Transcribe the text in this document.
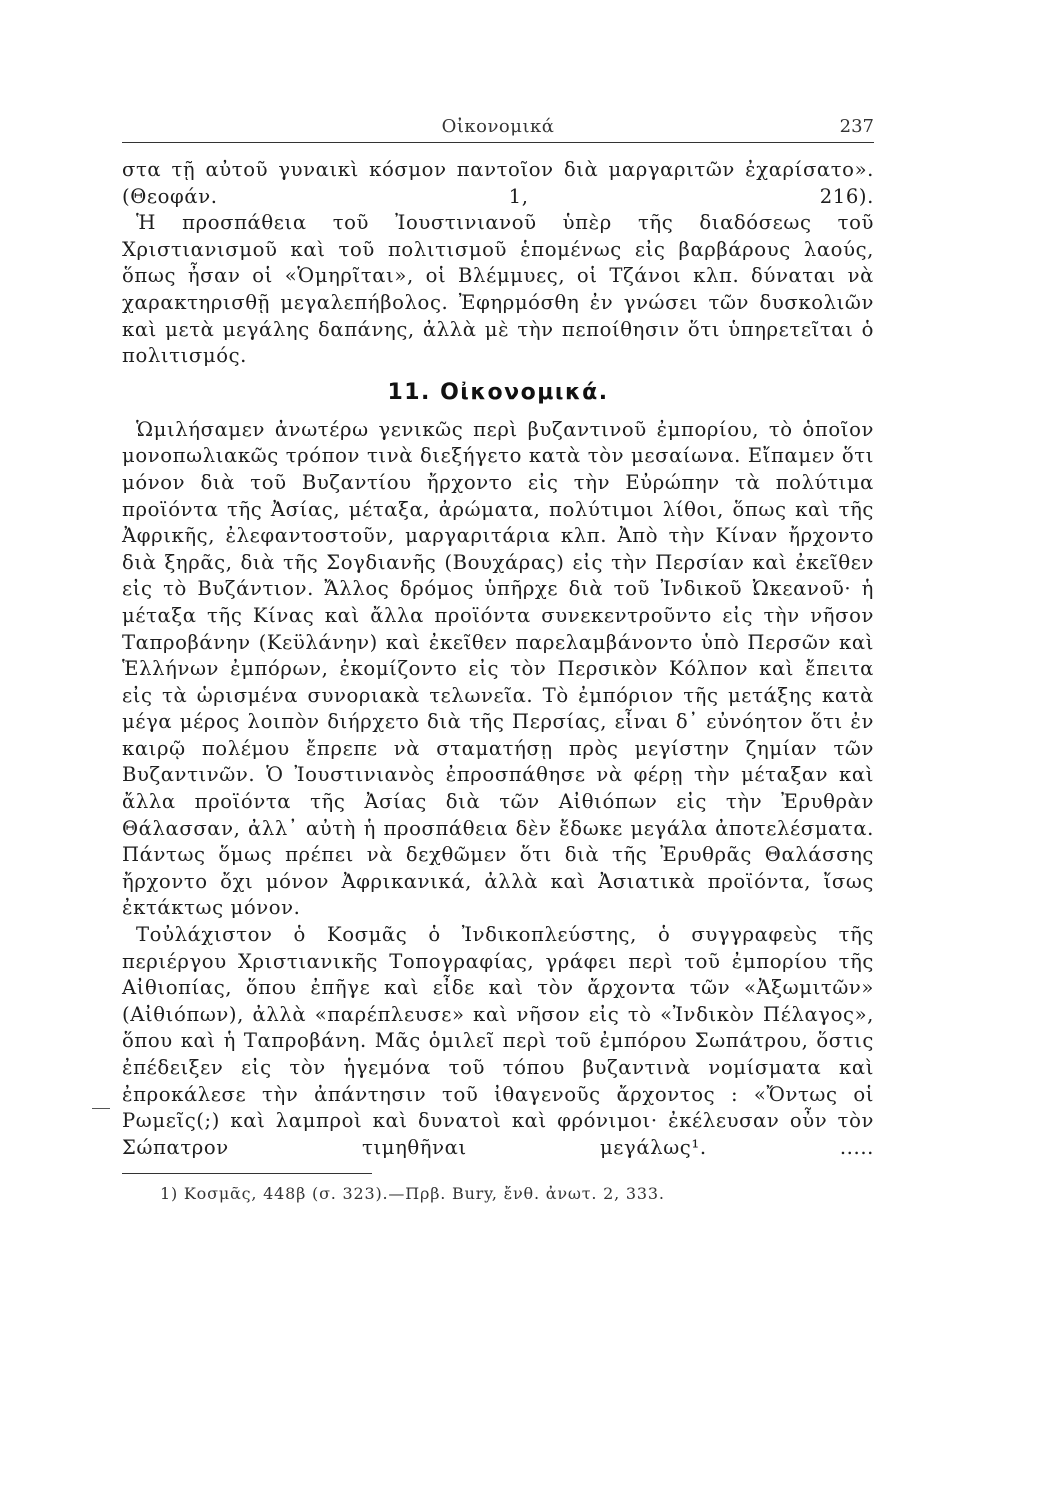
Οἰκονομικά	237

στα τῇ αὐτοῦ γυναικὶ κόσμον παντοῖον διὰ μαργαριτῶν ἐχαρίσατο». (Θεοφάν. 1, 216).

Ἡ προσπάθεια τοῦ Ἰουστινιανοῦ ὑπὲρ τῆς διαδόσεως τοῦ Χριστιανισμοῦ καὶ τοῦ πολιτισμοῦ ἑπομένως εἰς βαρβάρους λαούς, ὅπως ἦσαν οἱ «Ὁμηρῖται», οἱ Βλέμμυες, οἱ Τζάνοι κλπ. δύναται νὰ χαρακτηρισθῇ μεγαλεπήβολος. Ἐφηρμόσθη ἐν γνώσει τῶν δυσκολιῶν καὶ μετὰ μεγάλης δαπάνης, ἀλλὰ μὲ τὴν πεποίθησιν ὅτι ὑπηρετεῖται ὁ πολιτισμός.

11. Οἰκονομικά.

Ὡμιλήσαμεν ἀνωτέρω γενικῶς περὶ βυζαντινοῦ ἐμπορίου, τὸ ὁποῖον μονοπωλιακῶς τρόπον τινὰ διεξήγετο κατὰ τὸν μεσαίωνα. Εἴπαμεν ὅτι μόνον διὰ τοῦ Βυζαντίου ἤρχοντο εἰς τὴν Εὐρώπην τὰ πολύτιμα προϊόντα τῆς Ἀσίας, μέταξα, ἀρώματα, πολύτιμοι λίθοι, ὅπως καὶ τῆς Ἀφρικῆς, ἐλεφαντοστοῦν, μαργαριτάρια κλπ. Ἀπὸ τὴν Κίναν ἤρχοντο διὰ ξηρᾶς, διὰ τῆς Σογδιανῆς (Βουχάρας) εἰς τὴν Περσίαν καὶ ἐκεῖθεν εἰς τὸ Βυζάντιον. Ἄλλος δρόμος ὑπῆρχε διὰ τοῦ Ἰνδικοῦ Ὠκεανοῦ· ἡ μέταξα τῆς Κίνας καὶ ἄλλα προϊόντα συνεκεντροῦντο εἰς τὴν νῆσον Ταπροβάνην (Κεϋλάνην) καὶ ἐκεῖθεν παρελαμβάνοντο ὑπὸ Περσῶν καὶ Ἑλλήνων ἐμπόρων, ἐκομίζοντο εἰς τὸν Περσικὸν Κόλπον καὶ ἔπειτα εἰς τὰ ὡρισμένα συνοριακὰ τελωνεῖα. Τὸ ἐμπόριον τῆς μετάξης κατὰ μέγα μέρος λοιπὸν διήρχετο διὰ τῆς Περσίας, εἶναι δ᾽ εὐνόητον ὅτι ἐν καιρῷ πολέμου ἔπρεπε νὰ σταματήσῃ πρὸς μεγίστην ζημίαν τῶν Βυζαντινῶν. Ὁ Ἰουστινιανὸς ἐπροσπάθησε νὰ φέρῃ τὴν μέταξαν καὶ ἄλλα προϊόντα τῆς Ἀσίας διὰ τῶν Αἰθιόπων εἰς τὴν Ἐρυθρὰν Θάλασσαν, ἀλλ᾽ αὐτὴ ἡ προσπάθεια δὲν ἔδωκε μεγάλα ἀποτελέσματα. Πάντως ὅμως πρέπει νὰ δεχθῶμεν ὅτι διὰ τῆς Ἐρυθρᾶς Θαλάσσης ἤρχοντο ὄχι μόνον Ἀφρικανικά, ἀλλὰ καὶ Ἀσιατικὰ προϊόντα, ἴσως ἐκτάκτως μόνον.

Τοὐλάχιστον ὁ Κοσμᾶς ὁ Ἰνδικοπλεύστης, ὁ συγγραφεὺς τῆς περιέργου Χριστιανικῆς Τοπογραφίας, γράφει περὶ τοῦ ἐμπορίου τῆς Αἰθιοπίας, ὅπου ἐπῆγε καὶ εἶδε καὶ τὸν ἄρχοντα τῶν «Ἀξωμιτῶν» (Αἰθιόπων), ἀλλὰ «παρέπλευσε» καὶ νῆσον εἰς τὸ «Ἰνδικὸν Πέλαγος», ὅπου καὶ ἡ Ταπροβάνη. Μᾶς ὁμιλεῖ περὶ τοῦ ἐμπόρου Σωπάτρου, ὅστις ἐπέδειξεν εἰς τὸν ἡγεμόνα τοῦ τόπου βυζαντινὰ νομίσματα καὶ ἐπροκάλεσε τὴν ἀπάντησιν τοῦ ἰθαγενοῦς ἄρχοντος : «Ὄντως οἱ Ρωμεῖς(;) καὶ λαμπροὶ καὶ δυνατοὶ καὶ φρόνιμοι· ἐκέλευσαν οὖν τὸν Σώπατρον τιμηθῆναι μεγάλως¹. .....

1) Κοσμᾶς, 448β (σ. 323).—Πρβ. Bury, ἔνθ. ἀνωτ. 2, 333.
